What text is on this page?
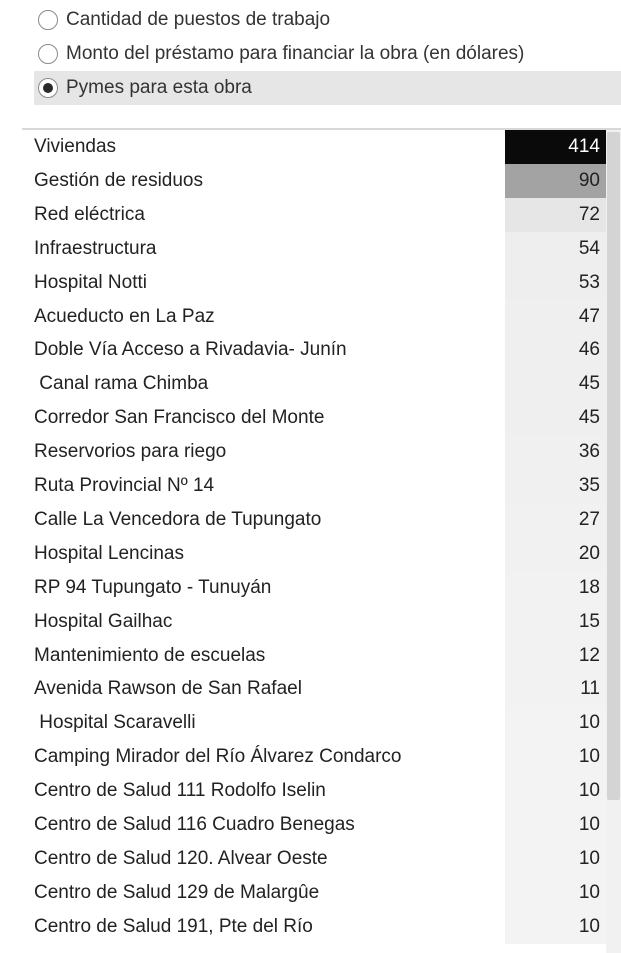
Cantidad de puestos de trabajo
Monto del préstamo para financiar la obra (en dólares)
Pymes para esta obra
Viviendas	414
Gestión de residuos	90
Red eléctrica	72
Infraestructura	54
Hospital Notti	53
Acueducto en La Paz	47
Doble Vía Acceso a Rivadavia- Junín	46
Canal rama Chimba	45
Corredor San Francisco del Monte	45
Reservorios para riego	36
Ruta Provincial Nº 14	35
Calle La Vencedora de Tupungato	27
Hospital Lencinas	20
RP 94 Tupungato - Tunuyán	18
Hospital Gailhac	15
Mantenimiento de escuelas	12
Avenida Rawson de San Rafael	11
Hospital Scaravelli	10
Camping Mirador del Río Álvarez Condarco	10
Centro de Salud 111 Rodolfo Iselin	10
Centro de Salud 116 Cuadro Benegas	10
Centro de Salud 120. Alvear Oeste	10
Centro de Salud 129 de Malargûe	10
Centro de Salud 191, Pte del Río	10
